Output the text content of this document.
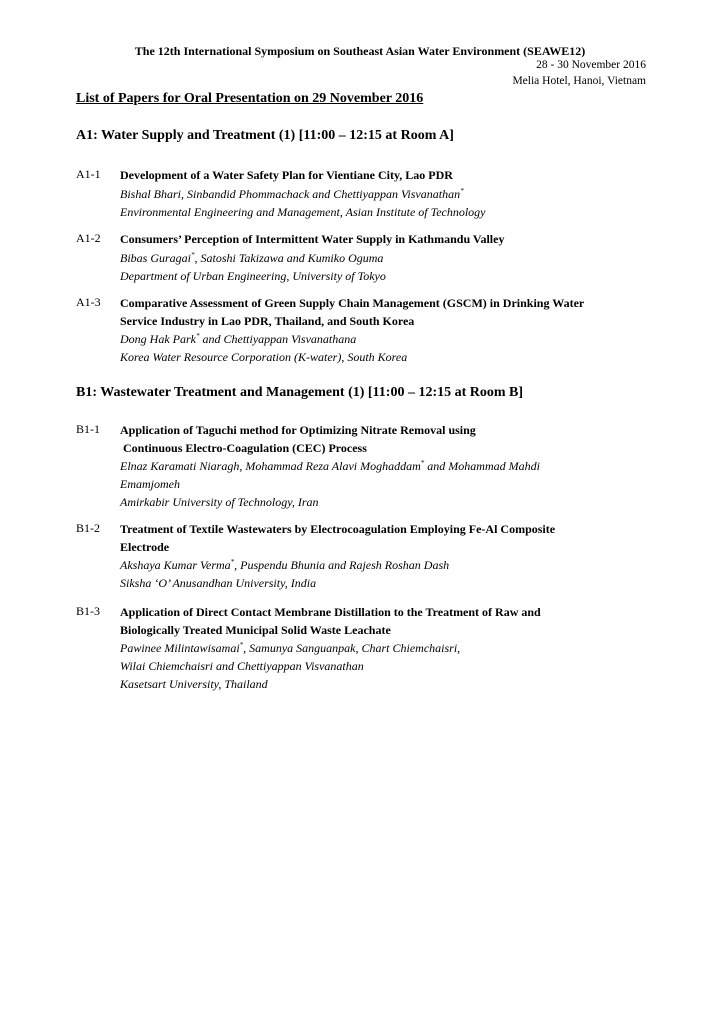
The 12th International Symposium on Southeast Asian Water Environment (SEAWE12)
28 - 30 November 2016
Melia Hotel, Hanoi, Vietnam
List of Papers for Oral Presentation on 29 November 2016
A1: Water Supply and Treatment (1) [11:00 – 12:15 at Room A]
A1-1 Development of a Water Safety Plan for Vientiane City, Lao PDR

Bishal Bhari, Sinbandid Phommachack and Chettiyappan Visvanathan*

Environmental Engineering and Management, Asian Institute of Technology

A1-2 Consumers’ Perception of Intermittent Water Supply in Kathmandu Valley

Bibas Guragai*, Satoshi Takizawa and Kumiko Oguma

Department of Urban Engineering, University of Tokyo

A1-3 Comparative Assessment of Green Supply Chain Management (GSCM) in Drinking Water

Service Industry in Lao PDR, Thailand, and South Korea

Dong Hak Park* and Chettiyappan Visvanathana

Korea Water Resource Corporation (K-water), South Korea

B1: Wastewater Treatment and Management (1) [11:00 – 12:15 at Room B]
B1-1 Application of Taguchi method for Optimizing Nitrate Removal using

Continuous Electro-Coagulation (CEC) Process

Elnaz Karamati Niaragh, Mohammad Reza Alavi Moghaddam* and Mohammad Mahdi

Emamjomeh

Amirkabir University of Technology, Iran

B1-2 Treatment of Textile Wastewaters by Electrocoagulation Employing Fe-Al Composite

Electrode

Akshaya Kumar Verma*, Puspendu Bhunia and Rajesh Roshan Dash

Siksha ‘O’ Anusandhan University, India

B1-3 Application of Direct Contact Membrane Distillation to the Treatment of Raw and

Biologically Treated Municipal Solid Waste Leachate

Pawinee Milintawisamai*, Samunya Sanguanpak, Chart Chiemchaisri,

Wilai Chiemchaisri and Chettiyappan Visvanathan

Kasetsart University, Thailand
